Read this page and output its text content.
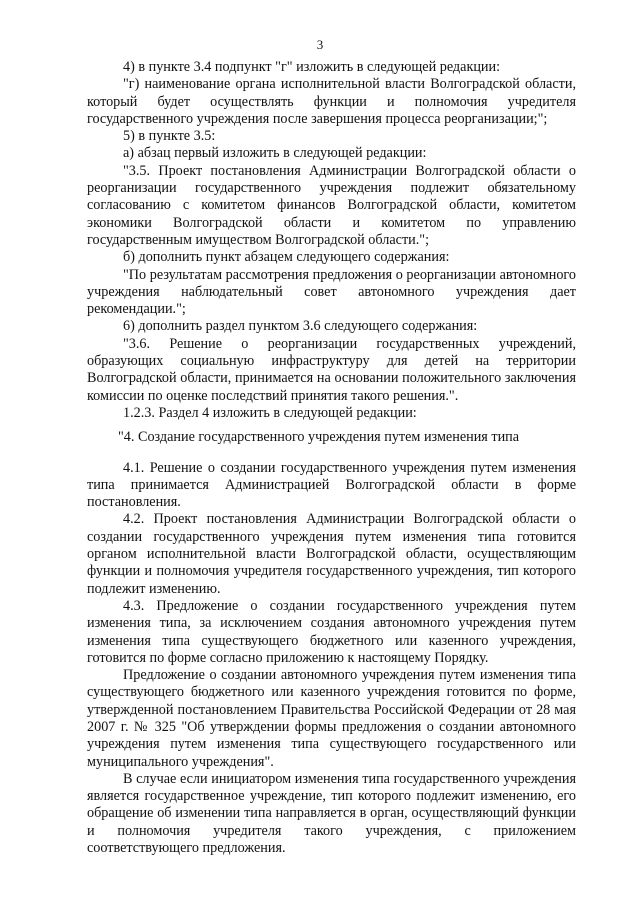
3

4) в пункте 3.4 подпункт "г" изложить в следующей редакции:

"г) наименование органа исполнительной власти Волгоградской области, который будет осуществлять функции и полномочия учредителя государственного учреждения после завершения процесса реорганизации;";

5) в пункте 3.5:

а) абзац первый изложить в следующей редакции:

"3.5. Проект постановления Администрации Волгоградской области о реорганизации государственного учреждения подлежит обязательному согласованию с комитетом финансов Волгоградской области, комитетом экономики Волгоградской области и комитетом по управлению государственным имуществом Волгоградской области.";

б) дополнить пункт абзацем следующего содержания:

"По результатам рассмотрения предложения о реорганизации автономного учреждения наблюдательный совет автономного учреждения дает рекомендации.";

6) дополнить раздел пунктом 3.6 следующего содержания:

"3.6. Решение о реорганизации государственных учреждений, образующих социальную инфраструктуру для детей на территории Волгоградской области, принимается на основании положительного заключения комиссии по оценке последствий принятия такого решения.".

1.2.3. Раздел 4 изложить в следующей редакции:

"4. Создание государственного учреждения путем изменения типа

4.1. Решение о создании государственного учреждения путем изменения типа принимается Администрацией Волгоградской области в форме постановления.

4.2. Проект постановления Администрации Волгоградской области о создании государственного учреждения путем изменения типа готовится органом исполнительной власти Волгоградской области, осуществляющим функции и полномочия учредителя государственного учреждения, тип которого подлежит изменению.

4.3. Предложение о создании государственного учреждения путем изменения типа, за исключением создания автономного учреждения путем изменения типа существующего бюджетного или казенного учреждения, готовится по форме согласно приложению к настоящему Порядку.

Предложение о создании автономного учреждения путем изменения типа существующего бюджетного или казенного учреждения готовится по форме, утвержденной постановлением Правительства Российской Федерации от 28 мая 2007 г. № 325 "Об утверждении формы предложения о создании автономного учреждения путем изменения типа существующего государственного или муниципального учреждения".

В случае если инициатором изменения типа государственного учреждения является государственное учреждение, тип которого подлежит изменению, его обращение об изменении типа направляется в орган, осуществляющий функции и полномочия учредителя такого учреждения, с приложением соответствующего предложения.
